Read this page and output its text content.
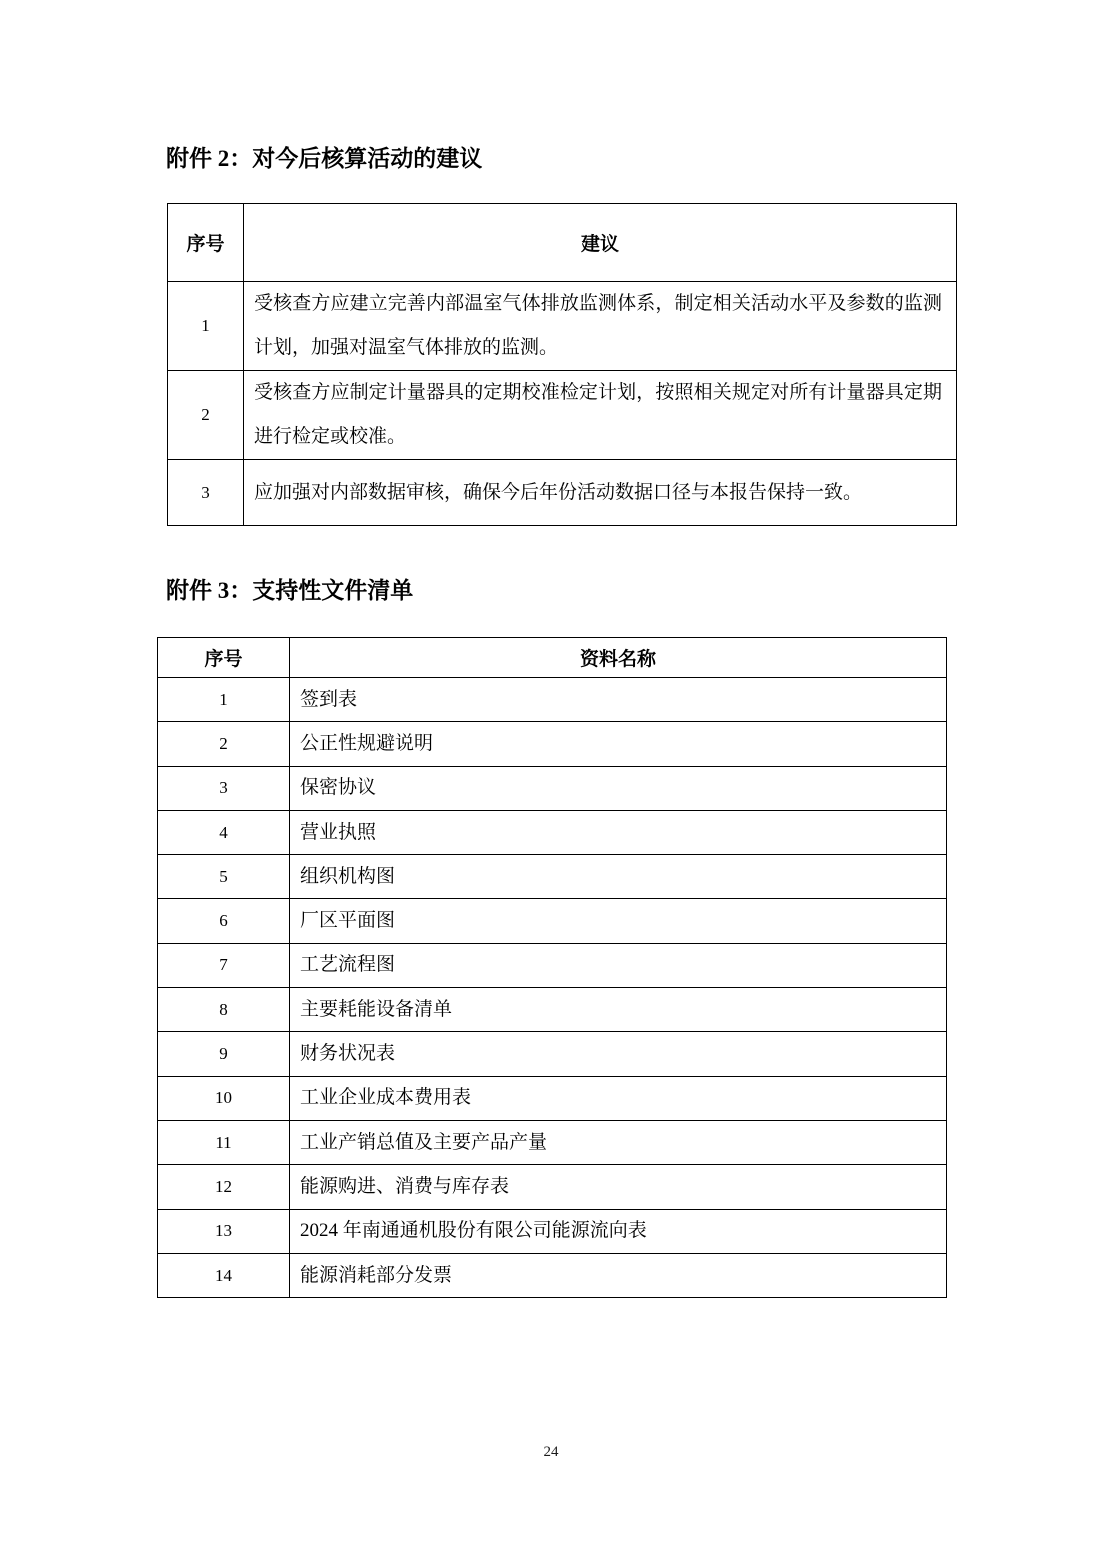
附件 2：对今后核算活动的建议
序号	建议
1	受核查方应建立完善内部温室气体排放监测体系，制定相关活动水平及参数的监测计划，加强对温室气体排放的监测。
2	受核查方应制定计量器具的定期校准检定计划，按照相关规定对所有计量器具定期进行检定或校准。
3	应加强对内部数据审核，确保今后年份活动数据口径与本报告保持一致。
附件 3：支持性文件清单
序号	资料名称
1	签到表
2	公正性规避说明
3	保密协议
4	营业执照
5	组织机构图
6	厂区平面图
7	工艺流程图
8	主要耗能设备清单
9	财务状况表
10	工业企业成本费用表
11	工业产销总值及主要产品产量
12	能源购进、消费与库存表
13	2024 年南通通机股份有限公司能源流向表
14	能源消耗部分发票
24
